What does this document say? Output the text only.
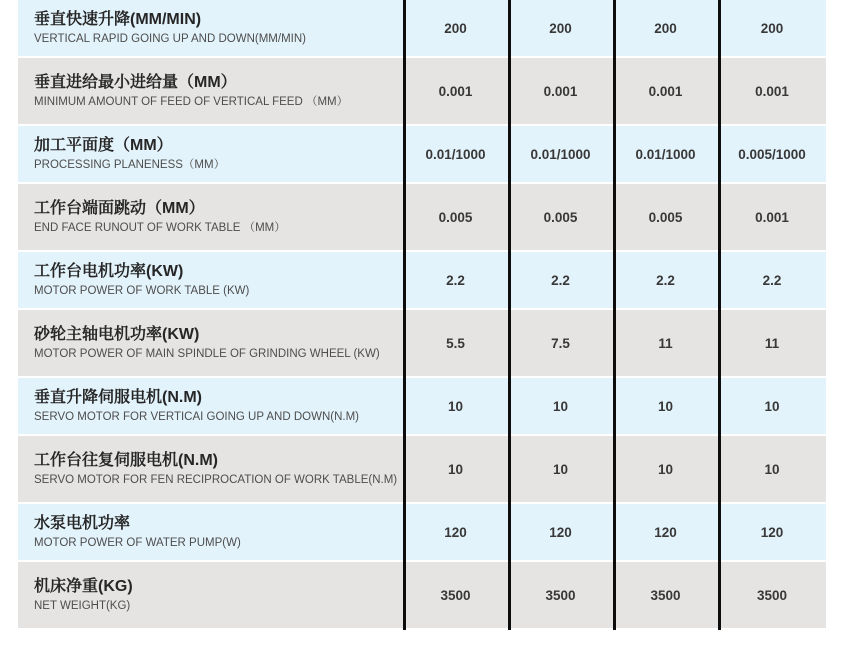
垂直快速升降(MM/MIN)
VERTICAL RAPID GOING UP AND DOWN(MM/MIN)
200	200	200	200
垂直进给最小进给量（MM）
MINIMUM AMOUNT OF FEED OF VERTICAL FEED （MM）
0.001	0.001	0.001	0.001
加工平面度（MM）
PROCESSING PLANENESS（MM）
0.01/1000	0.01/1000	0.01/1000	0.005/1000
工作台端面跳动（MM）
END FACE RUNOUT OF WORK TABLE （MM）
0.005	0.005	0.005	0.001
工作台电机功率(KW)
MOTOR POWER OF WORK TABLE (KW)
2.2	2.2	2.2	2.2
砂轮主轴电机功率(KW)
MOTOR POWER OF MAIN SPINDLE OF GRINDING WHEEL (KW)
5.5	7.5	11	11
垂直升降伺服电机(N.M)
SERVO MOTOR FOR VERTICAI GOING UP AND DOWN(N.M)
10	10	10	10
工作台往复伺服电机(N.M)
SERVO MOTOR FOR FEN RECIPROCATION OF WORK TABLE(N.M)
10	10	10	10
水泵电机功率
MOTOR POWER OF WATER PUMP(W)
120	120	120	120
机床净重(KG)
NET WEIGHT(KG)
3500	3500	3500	3500
